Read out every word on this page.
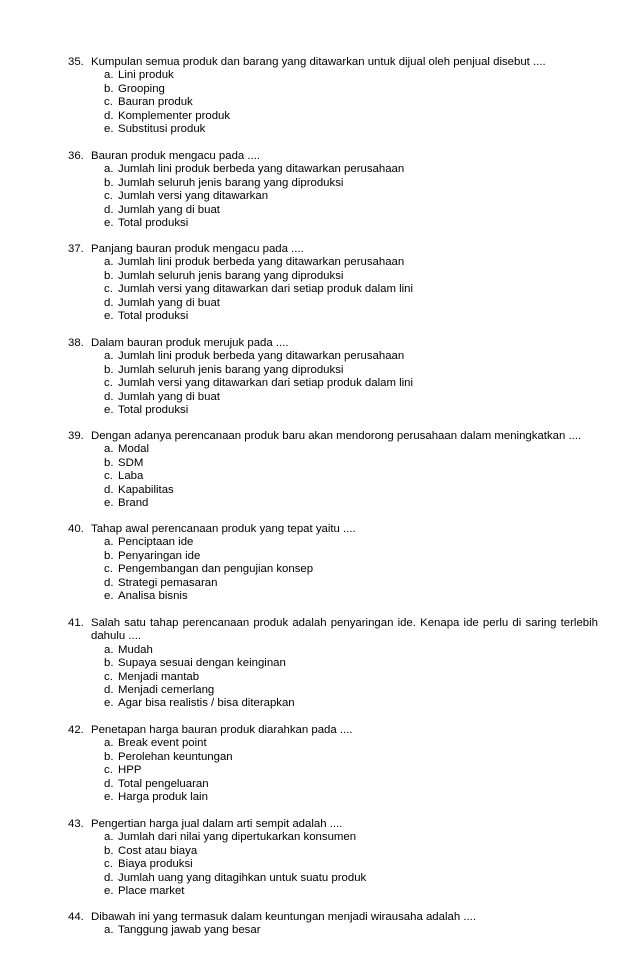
35. Kumpulan semua produk dan barang yang ditawarkan untuk dijual oleh penjual disebut ....
a. Lini produk
b. Grooping
c. Bauran produk
d. Komplementer produk
e. Substitusi produk
36. Bauran produk mengacu pada ....
a. Jumlah lini produk berbeda yang ditawarkan perusahaan
b. Jumlah seluruh jenis barang yang diproduksi
c. Jumlah versi yang ditawarkan
d. Jumlah yang di buat
e. Total produksi
37. Panjang bauran produk mengacu pada ....
a. Jumlah lini produk berbeda yang ditawarkan perusahaan
b. Jumlah seluruh jenis barang yang diproduksi
c. Jumlah versi yang ditawarkan dari setiap produk dalam lini
d. Jumlah yang di buat
e. Total produksi
38. Dalam bauran produk merujuk pada ....
a. Jumlah lini produk berbeda yang ditawarkan perusahaan
b. Jumlah seluruh jenis barang yang diproduksi
c. Jumlah versi yang ditawarkan dari setiap produk dalam lini
d. Jumlah yang di buat
e. Total produksi
39. Dengan adanya perencanaan produk baru akan mendorong perusahaan dalam meningkatkan ....
a. Modal
b. SDM
c. Laba
d. Kapabilitas
e. Brand
40. Tahap awal perencanaan produk yang tepat yaitu ....
a. Penciptaan ide
b. Penyaringan ide
c. Pengembangan dan pengujian konsep
d. Strategi pemasaran
e. Analisa bisnis
41. Salah satu tahap perencanaan produk adalah penyaringan ide. Kenapa ide perlu di saring terlebih dahulu ....
a. Mudah
b. Supaya sesuai dengan keinginan
c. Menjadi mantab
d. Menjadi cemerlang
e. Agar bisa realistis / bisa diterapkan
42. Penetapan harga bauran produk diarahkan pada ....
a. Break event point
b. Perolehan keuntungan
c. HPP
d. Total pengeluaran
e. Harga produk lain
43. Pengertian harga jual dalam arti sempit adalah ....
a. Jumlah dari nilai yang dipertukarkan konsumen
b. Cost atau biaya
c. Biaya produksi
d. Jumlah uang yang ditagihkan untuk suatu produk
e. Place market
44. Dibawah ini yang termasuk dalam keuntungan menjadi wirausaha adalah ....
a. Tanggung jawab yang besar
